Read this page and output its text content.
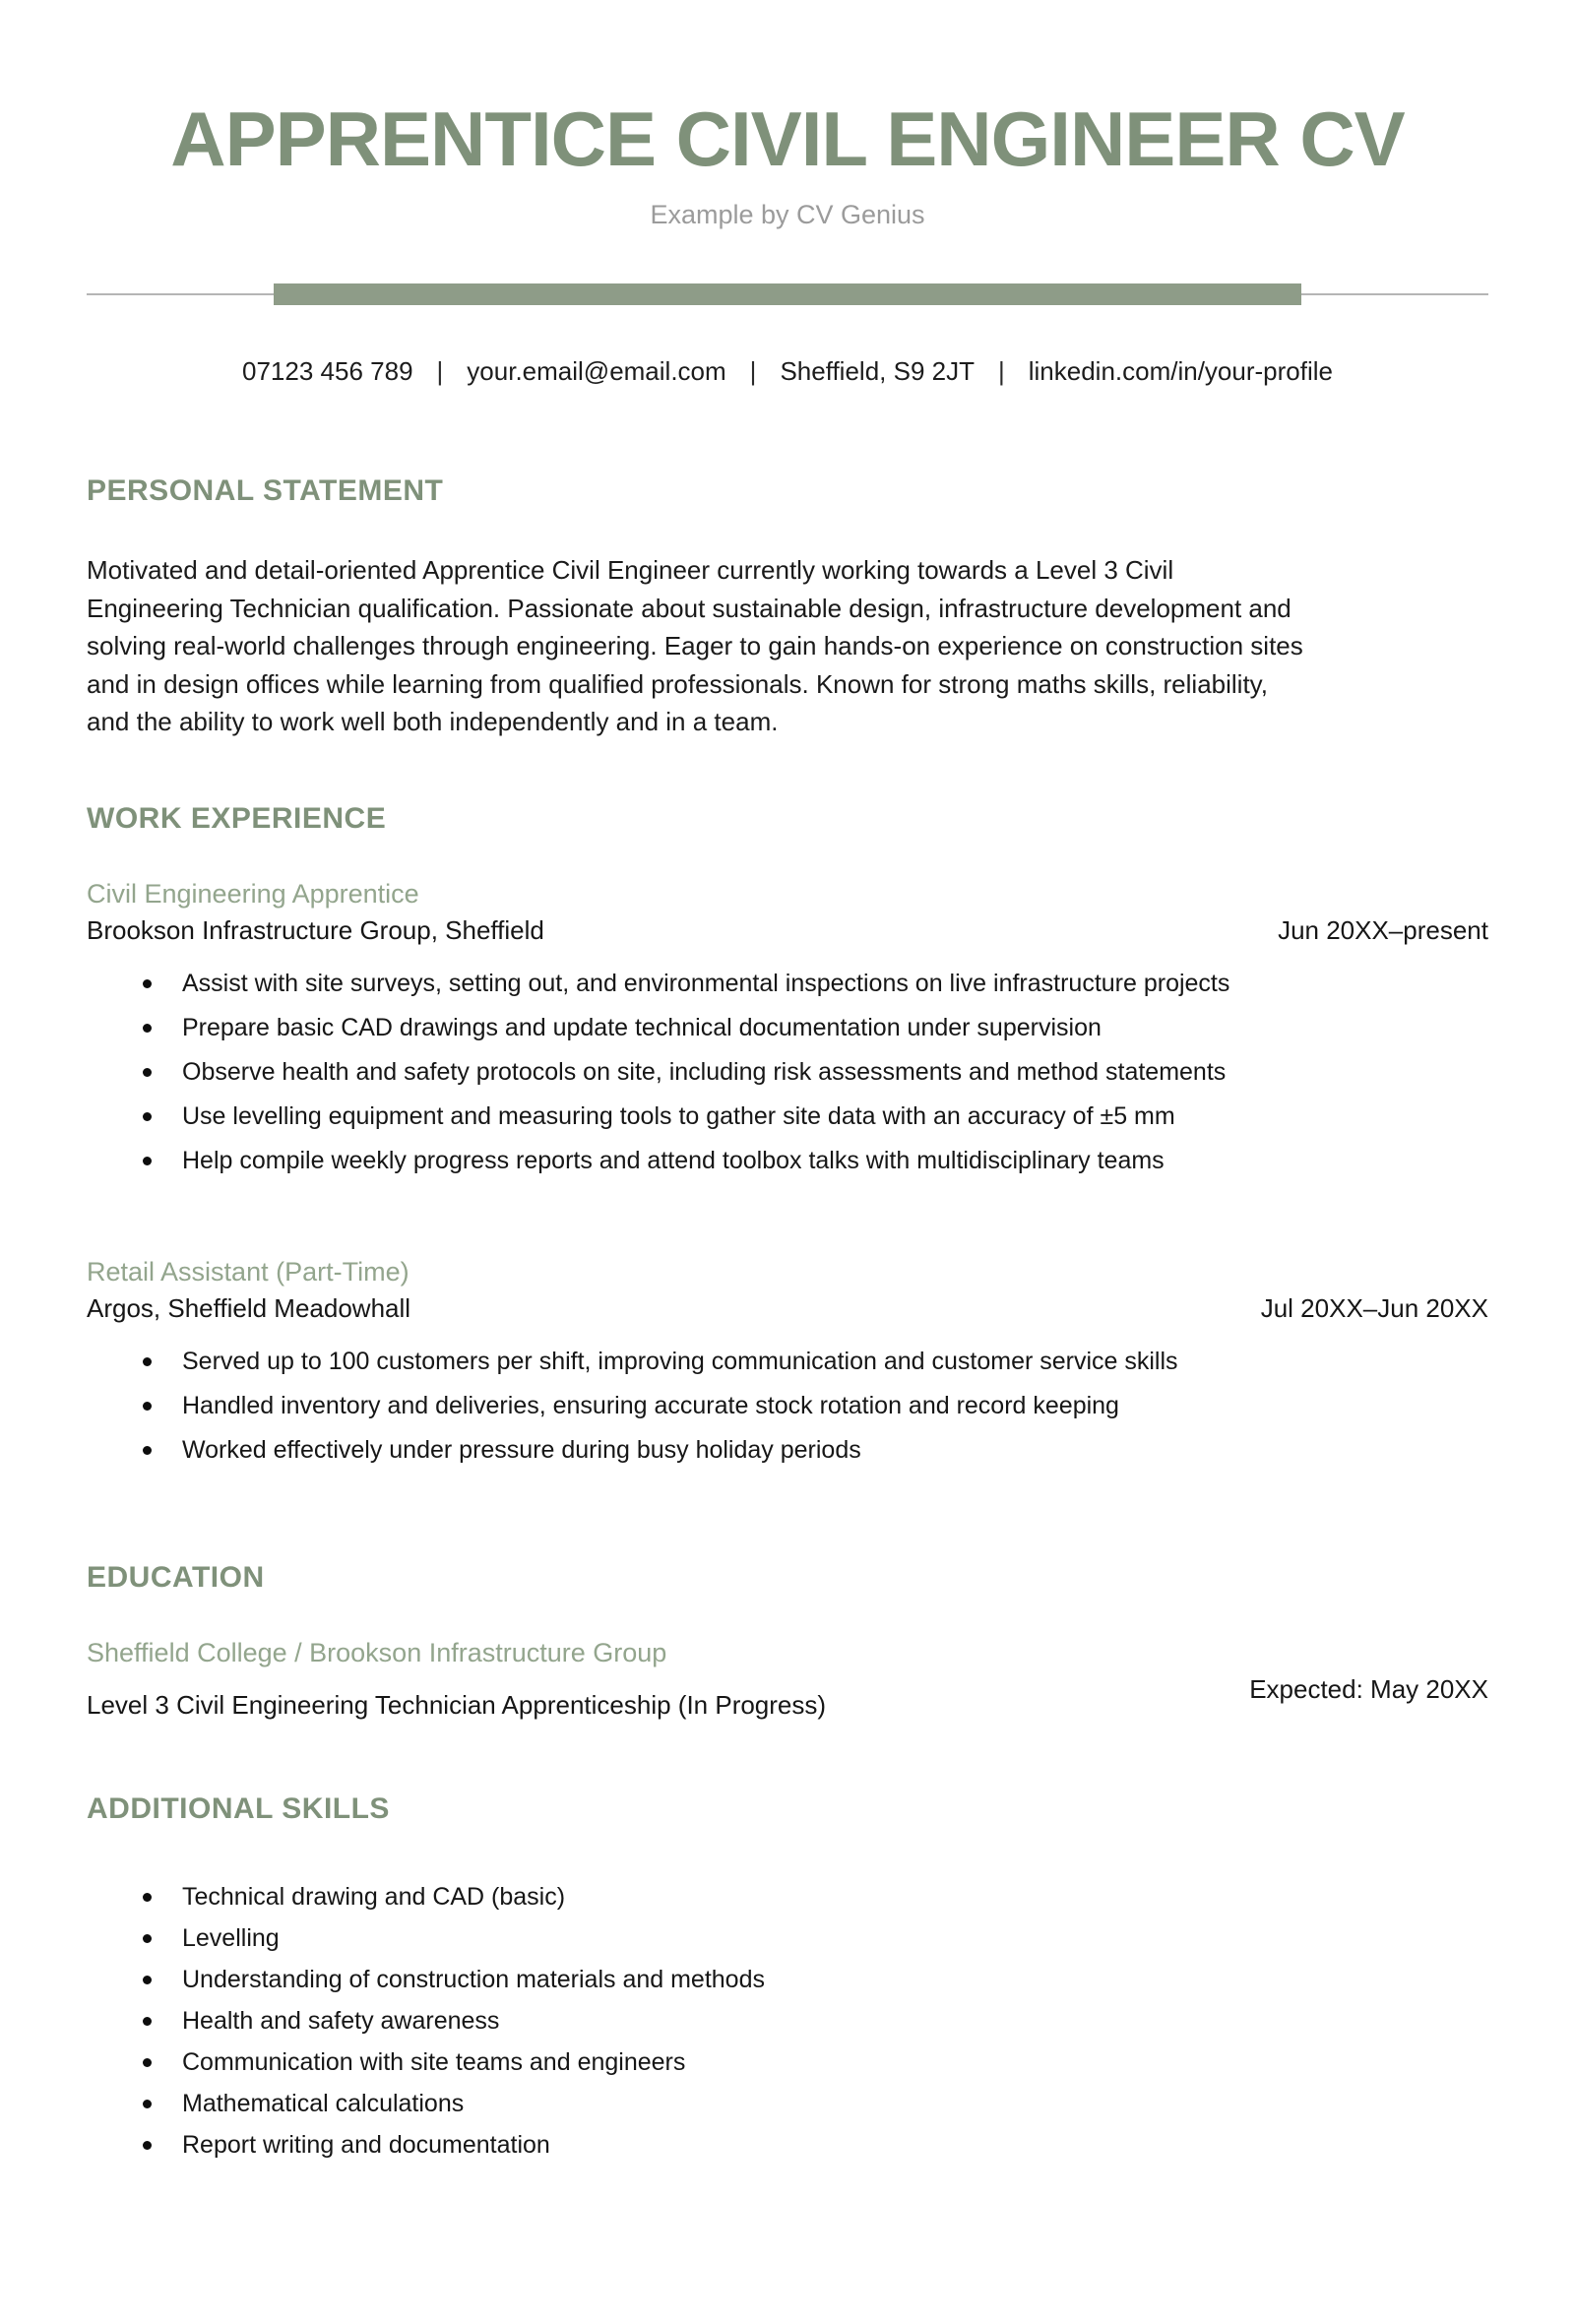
APPRENTICE CIVIL ENGINEER CV
Example by CV Genius
07123 456 789 | your.email@email.com | Sheffield, S9 2JT | linkedin.com/in/your-profile
PERSONAL STATEMENT
Motivated and detail-oriented Apprentice Civil Engineer currently working towards a Level 3 Civil
Engineering Technician qualification. Passionate about sustainable design, infrastructure development and
solving real-world challenges through engineering. Eager to gain hands-on experience on construction sites
and in design offices while learning from qualified professionals. Known for strong maths skills, reliability,
and the ability to work well both independently and in a team.
WORK EXPERIENCE
Civil Engineering Apprentice
Brookson Infrastructure Group, Sheffield	Jun 20XX–present
Assist with site surveys, setting out, and environmental inspections on live infrastructure projects
Prepare basic CAD drawings and update technical documentation under supervision
Observe health and safety protocols on site, including risk assessments and method statements
Use levelling equipment and measuring tools to gather site data with an accuracy of ±5 mm
Help compile weekly progress reports and attend toolbox talks with multidisciplinary teams
Retail Assistant (Part-Time)
Argos, Sheffield Meadowhall	Jul 20XX–Jun 20XX
Served up to 100 customers per shift, improving communication and customer service skills
Handled inventory and deliveries, ensuring accurate stock rotation and record keeping
Worked effectively under pressure during busy holiday periods
EDUCATION
Sheffield College / Brookson Infrastructure Group
Level 3 Civil Engineering Technician Apprenticeship (In Progress)
Expected: May 20XX
ADDITIONAL SKILLS
Technical drawing and CAD (basic)
Levelling
Understanding of construction materials and methods
Health and safety awareness
Communication with site teams and engineers
Mathematical calculations
Report writing and documentation
